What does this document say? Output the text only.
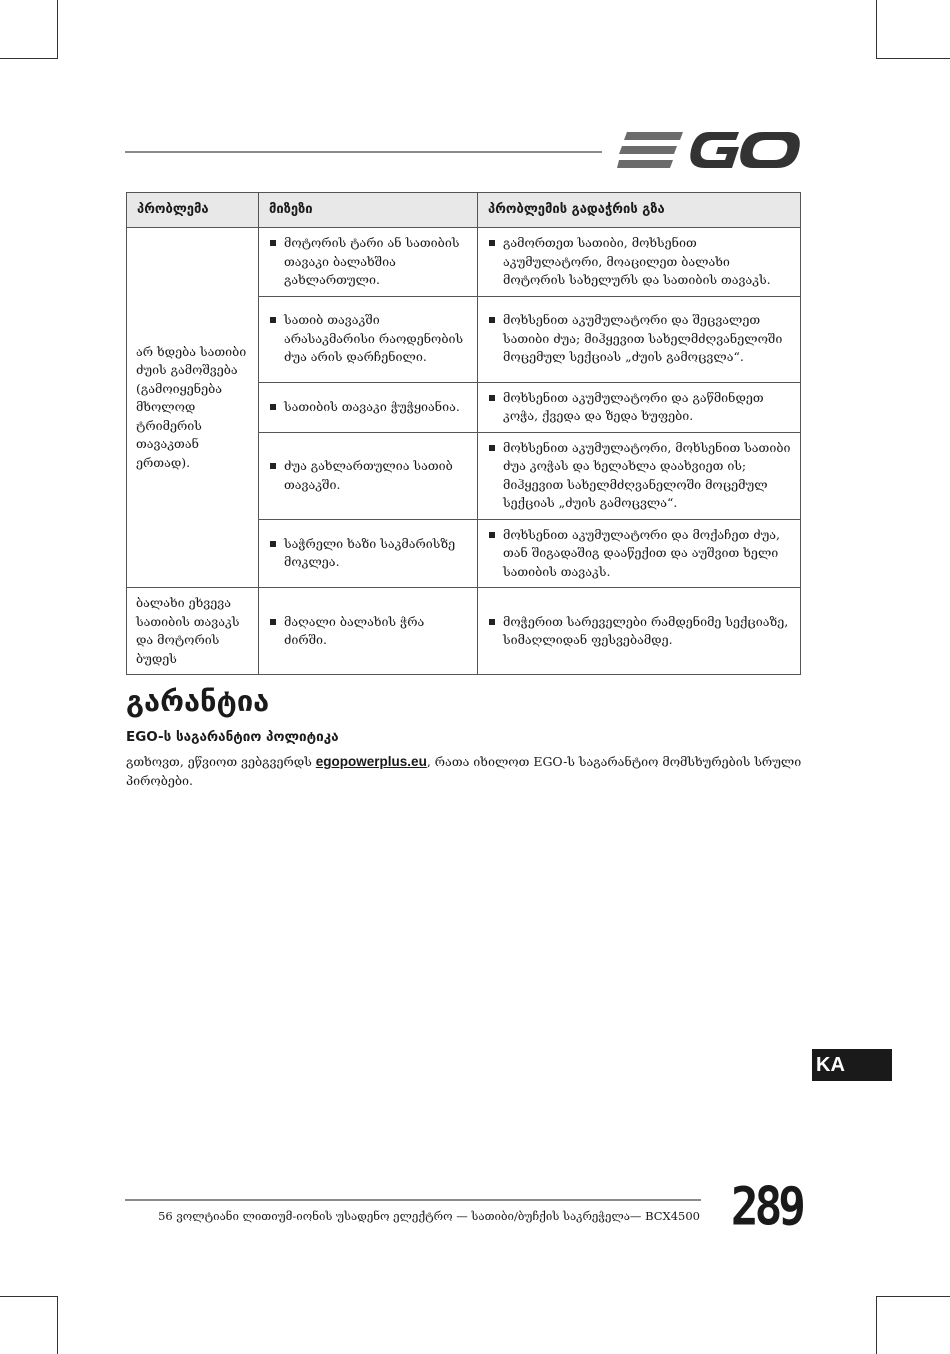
პრობლემა	მიზეზი	პრობლემის გადაჭრის გზა
არ ხდება სათიბი ძუის გამოშვება (გამოიყენება მხოლოდ ტრიმერის თავაკთან ერთად).	მოტორის ტარი ან სათიბის თავაკი ბალახშია გახლართული.	გამორთეთ სათიბი, მოხსენით აკუმულატორი, მოაცილეთ ბალახი მოტორის სახელურს და სათიბის თავაკს.

	სათიბ თავაკში არასაკმარისი რაოდენობის ძუა არის დარჩენილი.	მოხსენით აკუმულატორი და შეცვალეთ სათიბი ძუა; მიჰყევით სახელმძღვანელოში მოცემულ სექციას „ძუის გამოცვლა“.

	სათიბის თავაკი ჭუჭყიანია.	მოხსენით აკუმულატორი და გაწმინდეთ კოჭა, ქვედა და ზედა ხუფები.

	ძუა გახლართულია სათიბ თავაკში.	მოხსენით აკუმულატორი, მოხსენით სათიბი ძუა კოჭას და ხელახლა დაახვიეთ ის; მიჰყევით სახელმძღვანელოში მოცემულ სექციას „ძუის გამოცვლა“.

	საჭრელი ხაზი საკმარისზე მოკლეა.	მოხსენით აკუმულატორი და მოქაჩეთ ძუა, თან შიგადაშიგ დააწექით და აუშვით ხელი სათიბის თავაკს.

ბალახი ეხვევა სათიბის თავაკს და მოტორის ბუდეს	მაღალი ბალახის ჭრა ძირში.	მოჭერით სარეველები რამდენიმე სექციაზე, სიმაღლიდან ფესვებამდე.
გარანტია
EGO-ს საგარანტიო პოლიტიკა

გთხოვთ, ეწვიოთ ვებგვერდს egopowerplus.eu, რათა იხილოთ EGO-ს საგარანტიო მომსხურების სრული პირობები.

KA
56 ვოლტიანი ლითიუმ-იონის უსადენო ელექტრო — სათიბი/ბუჩქის საკრეჭელა— BCX4500 289
